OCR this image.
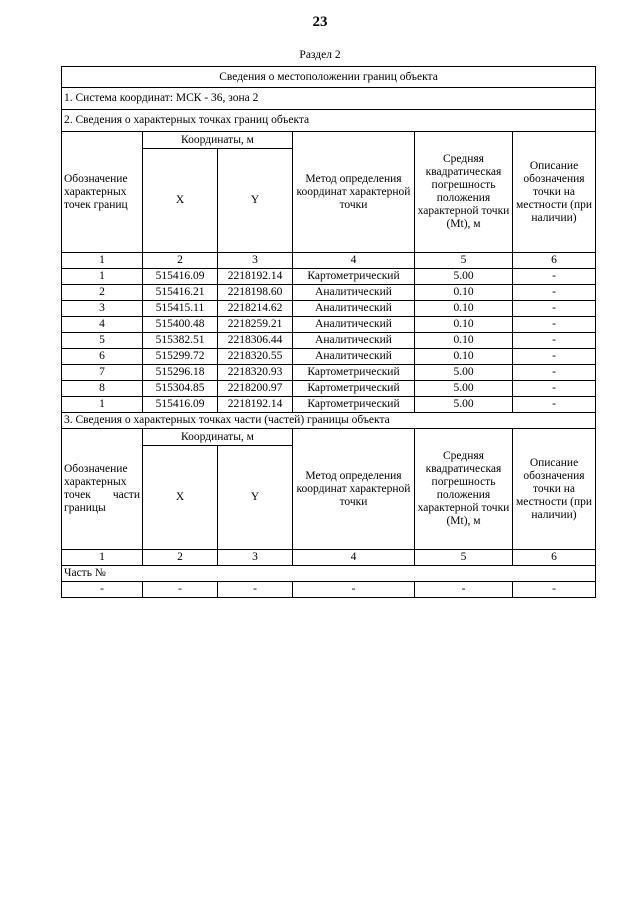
23
Раздел 2
Сведения о местоположении границ объекта					
1. Система координат: МСК - 36, зона 2					
2. Сведения о характерных точках границ объекта					
Обозначение характерных точек границ	Координаты, м		Метод определения координат характерной точки	Средняя квадратическая погрешность положения характерной точки (Mt), м	Описание обозначения точки на местности (при наличии)
	X	Y			
1	2	3	4	5	6
1	515416.09	2218192.14	Картометрический	5.00	-
2	515416.21	2218198.60	Аналитический	0.10	-
3	515415.11	2218214.62	Аналитический	0.10	-
4	515400.48	2218259.21	Аналитический	0.10	-
5	515382.51	2218306.44	Аналитический	0.10	-
6	515299.72	2218320.55	Аналитический	0.10	-
7	515296.18	2218320.93	Картометрический	5.00	-
8	515304.85	2218200.97	Картометрический	5.00	-
1	515416.09	2218192.14	Картометрический	5.00	-
3. Сведения о характерных точках части (частей) границы объекта					
Обозначение характерных точек части границы	Координаты, м		Метод определения координат характерной точки	Средняя квадратическая погрешность положения характерной точки (Mt), м	Описание обозначения точки на местности (при наличии)
	X	Y			
1	2	3	4	5	6
Часть №					
-	-	-	-	-	-
